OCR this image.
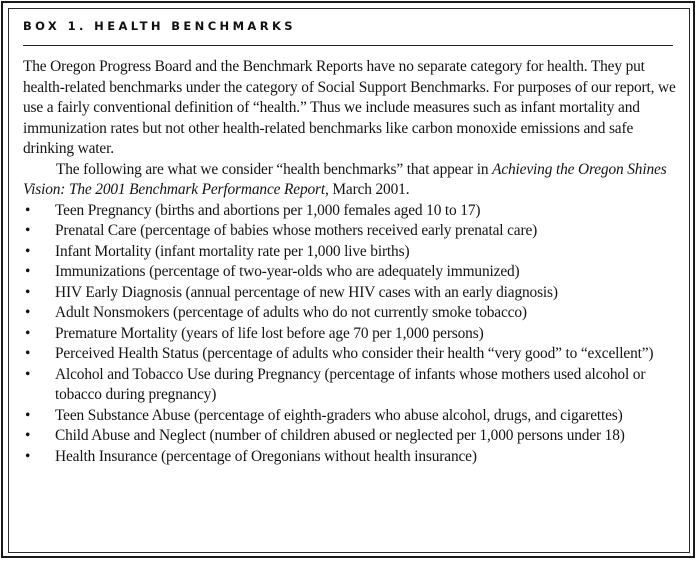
BOX 1. HEALTH BENCHMARKS

The Oregon Progress Board and the Benchmark Reports have no separate category for health. They put health-related benchmarks under the category of Social Support Benchmarks. For purposes of our report, we use a fairly conventional definition of “health.” Thus we include measures such as infant mortality and immunization rates but not other health-related benchmarks like carbon monoxide emissions and safe drinking water.

The following are what we consider “health benchmarks” that appear in Achieving the Oregon Shines Vision: The 2001 Benchmark Performance Report, March 2001.

• Teen Pregnancy (births and abortions per 1,000 females aged 10 to 17)
• Prenatal Care (percentage of babies whose mothers received early prenatal care)
• Infant Mortality (infant mortality rate per 1,000 live births)
• Immunizations (percentage of two-year-olds who are adequately immunized)
• HIV Early Diagnosis (annual percentage of new HIV cases with an early diagnosis)
• Adult Nonsmokers (percentage of adults who do not currently smoke tobacco)
• Premature Mortality (years of life lost before age 70 per 1,000 persons)
• Perceived Health Status (percentage of adults who consider their health “very good” to “excellent”)
• Alcohol and Tobacco Use during Pregnancy (percentage of infants whose mothers used alcohol or tobacco during pregnancy)
• Teen Substance Abuse (percentage of eighth-graders who abuse alcohol, drugs, and cigarettes)
• Child Abuse and Neglect (number of children abused or neglected per 1,000 persons under 18)
• Health Insurance (percentage of Oregonians without health insurance)
